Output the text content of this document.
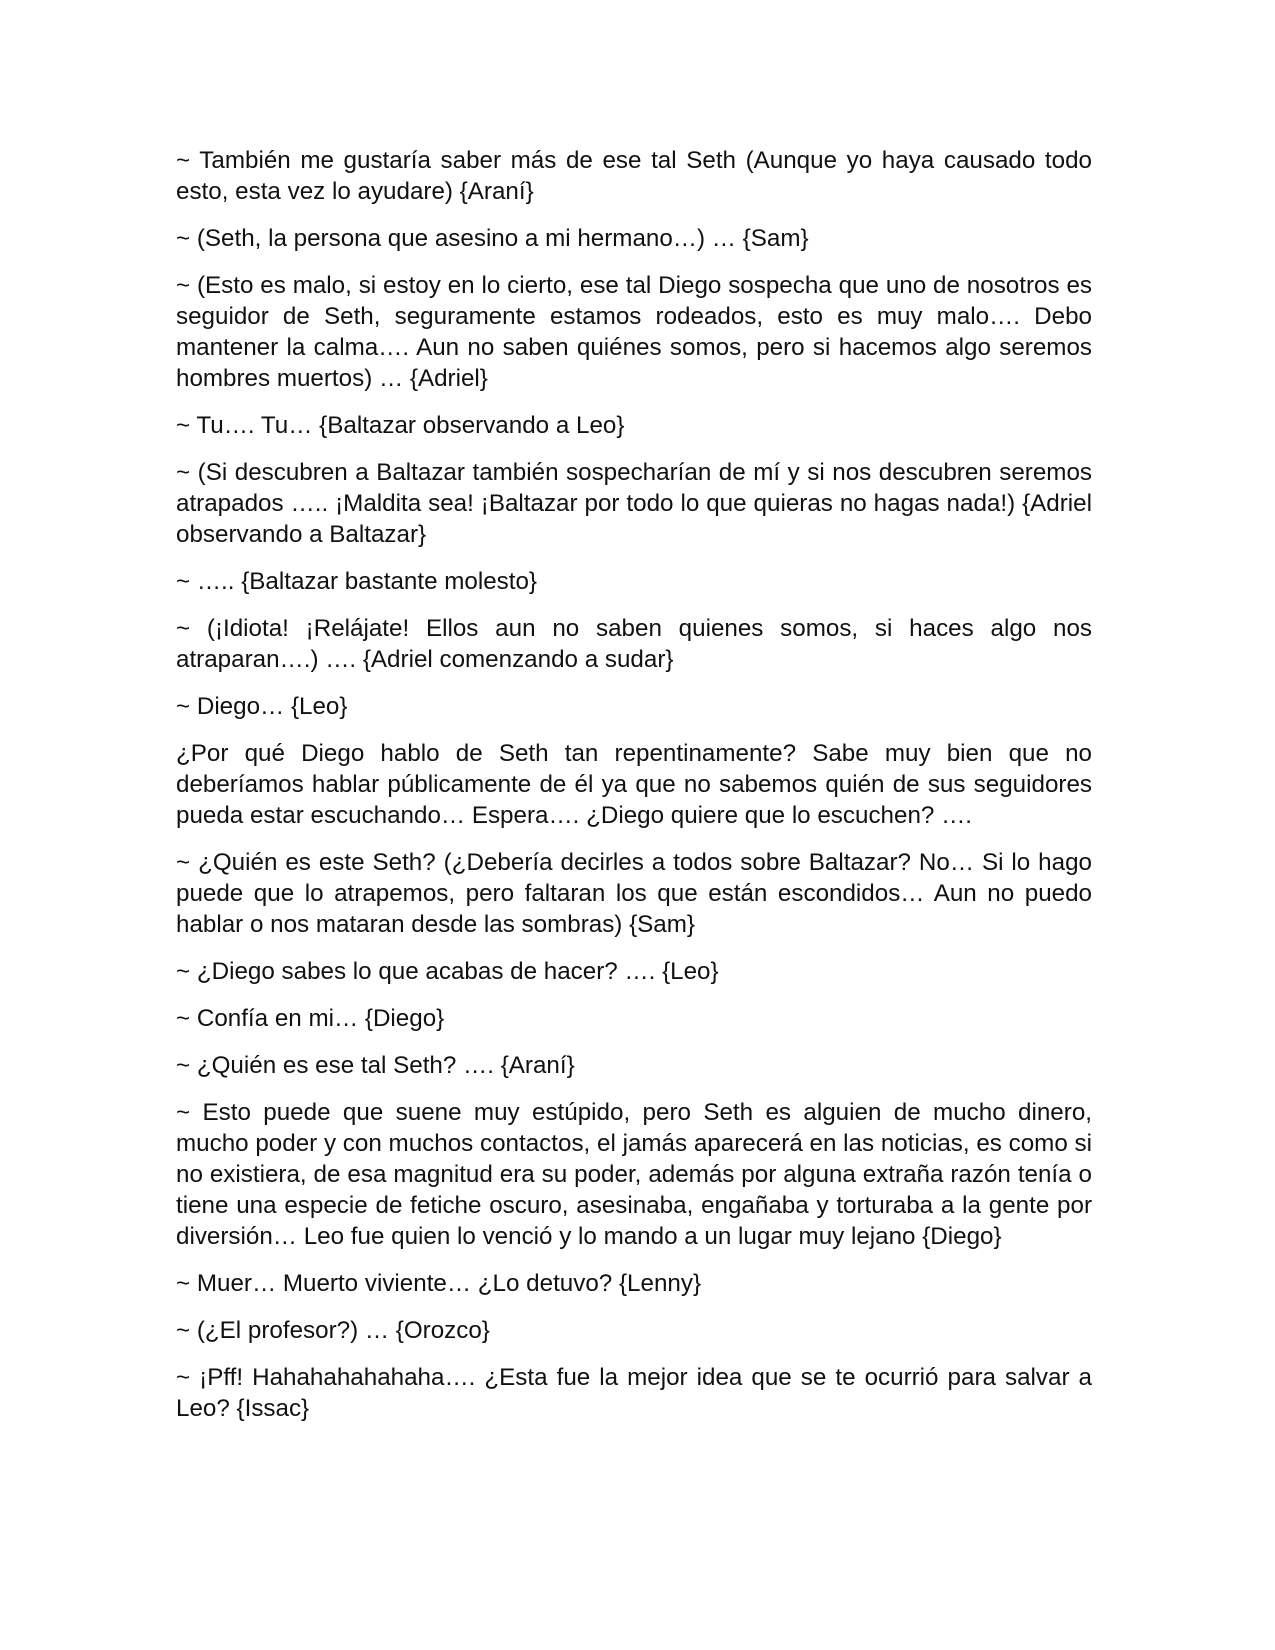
~ También me gustaría saber más de ese tal Seth (Aunque yo haya causado todo esto, esta vez lo ayudare) {Araní}

~ (Seth, la persona que asesino a mi hermano…) … {Sam}

~ (Esto es malo, si estoy en lo cierto, ese tal Diego sospecha que uno de nosotros es seguidor de Seth, seguramente estamos rodeados, esto es muy malo…. Debo mantener la calma…. Aun no saben quiénes somos, pero si hacemos algo seremos hombres muertos) … {Adriel}

~ Tu…. Tu… {Baltazar observando a Leo}

~ (Si descubren a Baltazar también sospecharían de mí y si nos descubren seremos atrapados ….. ¡Maldita sea! ¡Baltazar por todo lo que quieras no hagas nada!) {Adriel observando a Baltazar}

~ ….. {Baltazar bastante molesto}

~ (¡Idiota! ¡Relájate! Ellos aun no saben quienes somos, si haces algo nos atraparan….) …. {Adriel comenzando a sudar}

~ Diego… {Leo}

¿Por qué Diego hablo de Seth tan repentinamente? Sabe muy bien que no deberíamos hablar públicamente de él ya que no sabemos quién de sus seguidores pueda estar escuchando… Espera…. ¿Diego quiere que lo escuchen? ….

~ ¿Quién es este Seth? (¿Debería decirles a todos sobre Baltazar? No… Si lo hago puede que lo atrapemos, pero faltaran los que están escondidos… Aun no puedo hablar o nos mataran desde las sombras) {Sam}

~ ¿Diego sabes lo que acabas de hacer? …. {Leo}

~ Confía en mi… {Diego}

~ ¿Quién es ese tal Seth? …. {Araní}

~ Esto puede que suene muy estúpido, pero Seth es alguien de mucho dinero, mucho poder y con muchos contactos, el jamás aparecerá en las noticias, es como si no existiera, de esa magnitud era su poder, además por alguna extraña razón tenía o tiene una especie de fetiche oscuro, asesinaba, engañaba y torturaba a la gente por diversión… Leo fue quien lo venció y lo mando a un lugar muy lejano {Diego}

~ Muer… Muerto viviente… ¿Lo detuvo? {Lenny}

~ (¿El profesor?) … {Orozco}

~ ¡Pff! Hahahahahahaha…. ¿Esta fue la mejor idea que se te ocurrió para salvar a Leo? {Issac}
